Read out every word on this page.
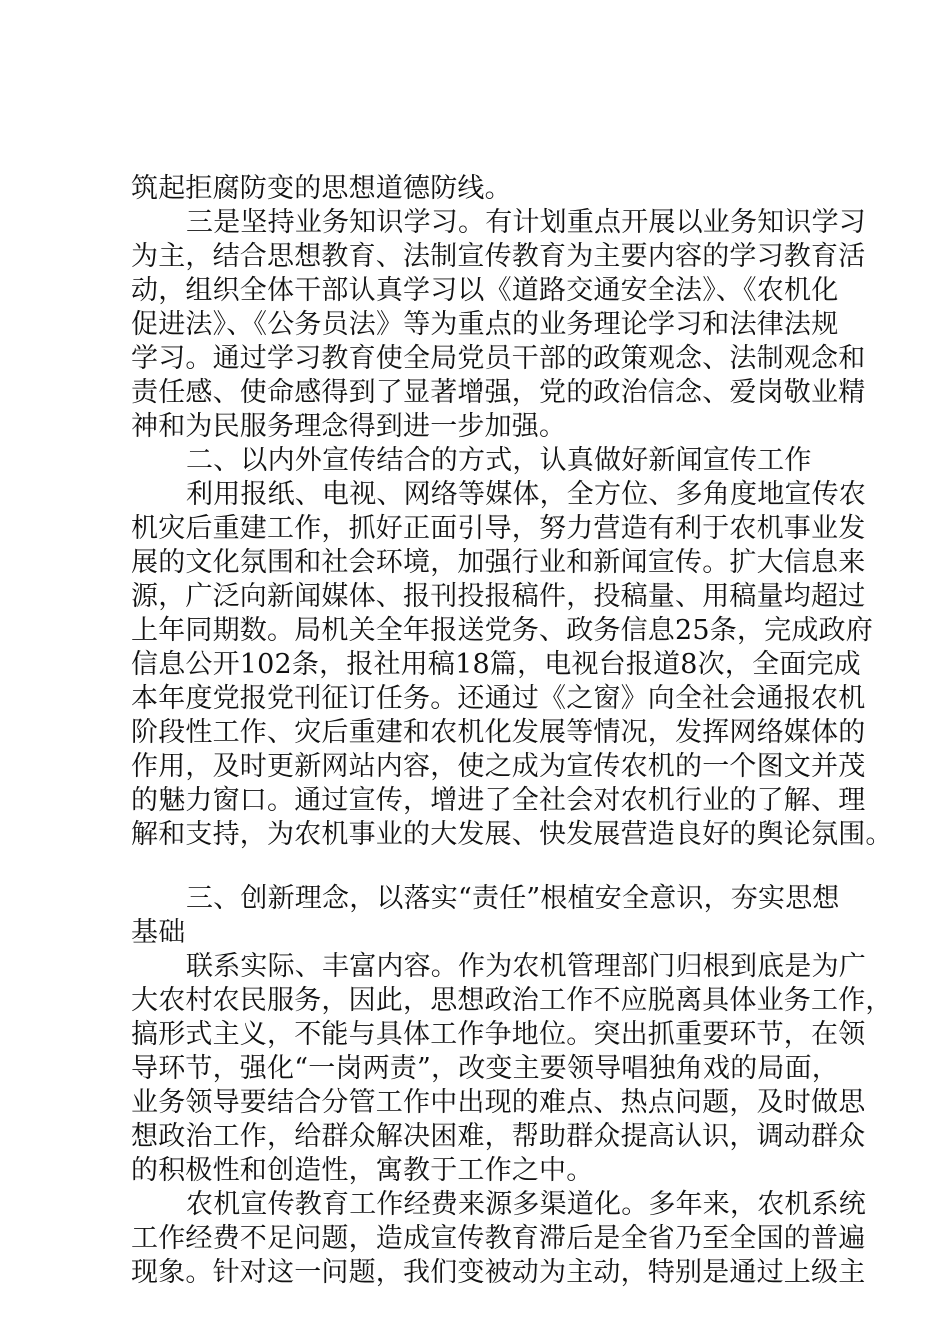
筑起拒腐防变的思想道德防线。
三是坚持业务知识学习。有计划重点开展以业务知识学习
为主，结合思想教育、法制宣传教育为主要内容的学习教育活
动，组织全体干部认真学习以《道路交通安全法》、《农机化
促进法》、《公务员法》等为重点的业务理论学习和法律法规
学习。通过学习教育使全局党员干部的政策观念、法制观念和
责任感、使命感得到了显著增强，党的政治信念、爱岗敬业精
神和为民服务理念得到进一步加强。
二、以内外宣传结合的方式，认真做好新闻宣传工作
利用报纸、电视、网络等媒体，全方位、多角度地宣传农
机灾后重建工作，抓好正面引导，努力营造有利于农机事业发
展的文化氛围和社会环境，加强行业和新闻宣传。扩大信息来
源，广泛向新闻媒体、报刊投报稿件，投稿量、用稿量均超过
上年同期数。局机关全年报送党务、政务信息25条，完成政府
信息公开102条，报社用稿18篇，电视台报道8次，全面完成
本年度党报党刊征订任务。还通过《之窗》向全社会通报农机
阶段性工作、灾后重建和农机化发展等情况，发挥网络媒体的
作用，及时更新网站内容，使之成为宣传农机的一个图文并茂
的魅力窗口。通过宣传，增进了全社会对农机行业的了解、理
解和支持，为农机事业的大发展、快发展营造良好的舆论氛围。
三、创新理念，以落实“责任”根植安全意识，夯实思想
基础
联系实际、丰富内容。作为农机管理部门归根到底是为广
大农村农民服务，因此，思想政治工作不应脱离具体业务工作，
搞形式主义，不能与具体工作争地位。突出抓重要环节，在领
导环节，强化“一岗两责”，改变主要领导唱独角戏的局面，
业务领导要结合分管工作中出现的难点、热点问题，及时做思
想政治工作，给群众解决困难，帮助群众提高认识，调动群众
的积极性和创造性，寓教于工作之中。
农机宣传教育工作经费来源多渠道化。多年来，农机系统
工作经费不足问题，造成宣传教育滞后是全省乃至全国的普遍
现象。针对这一问题，我们变被动为主动，特别是通过上级主
